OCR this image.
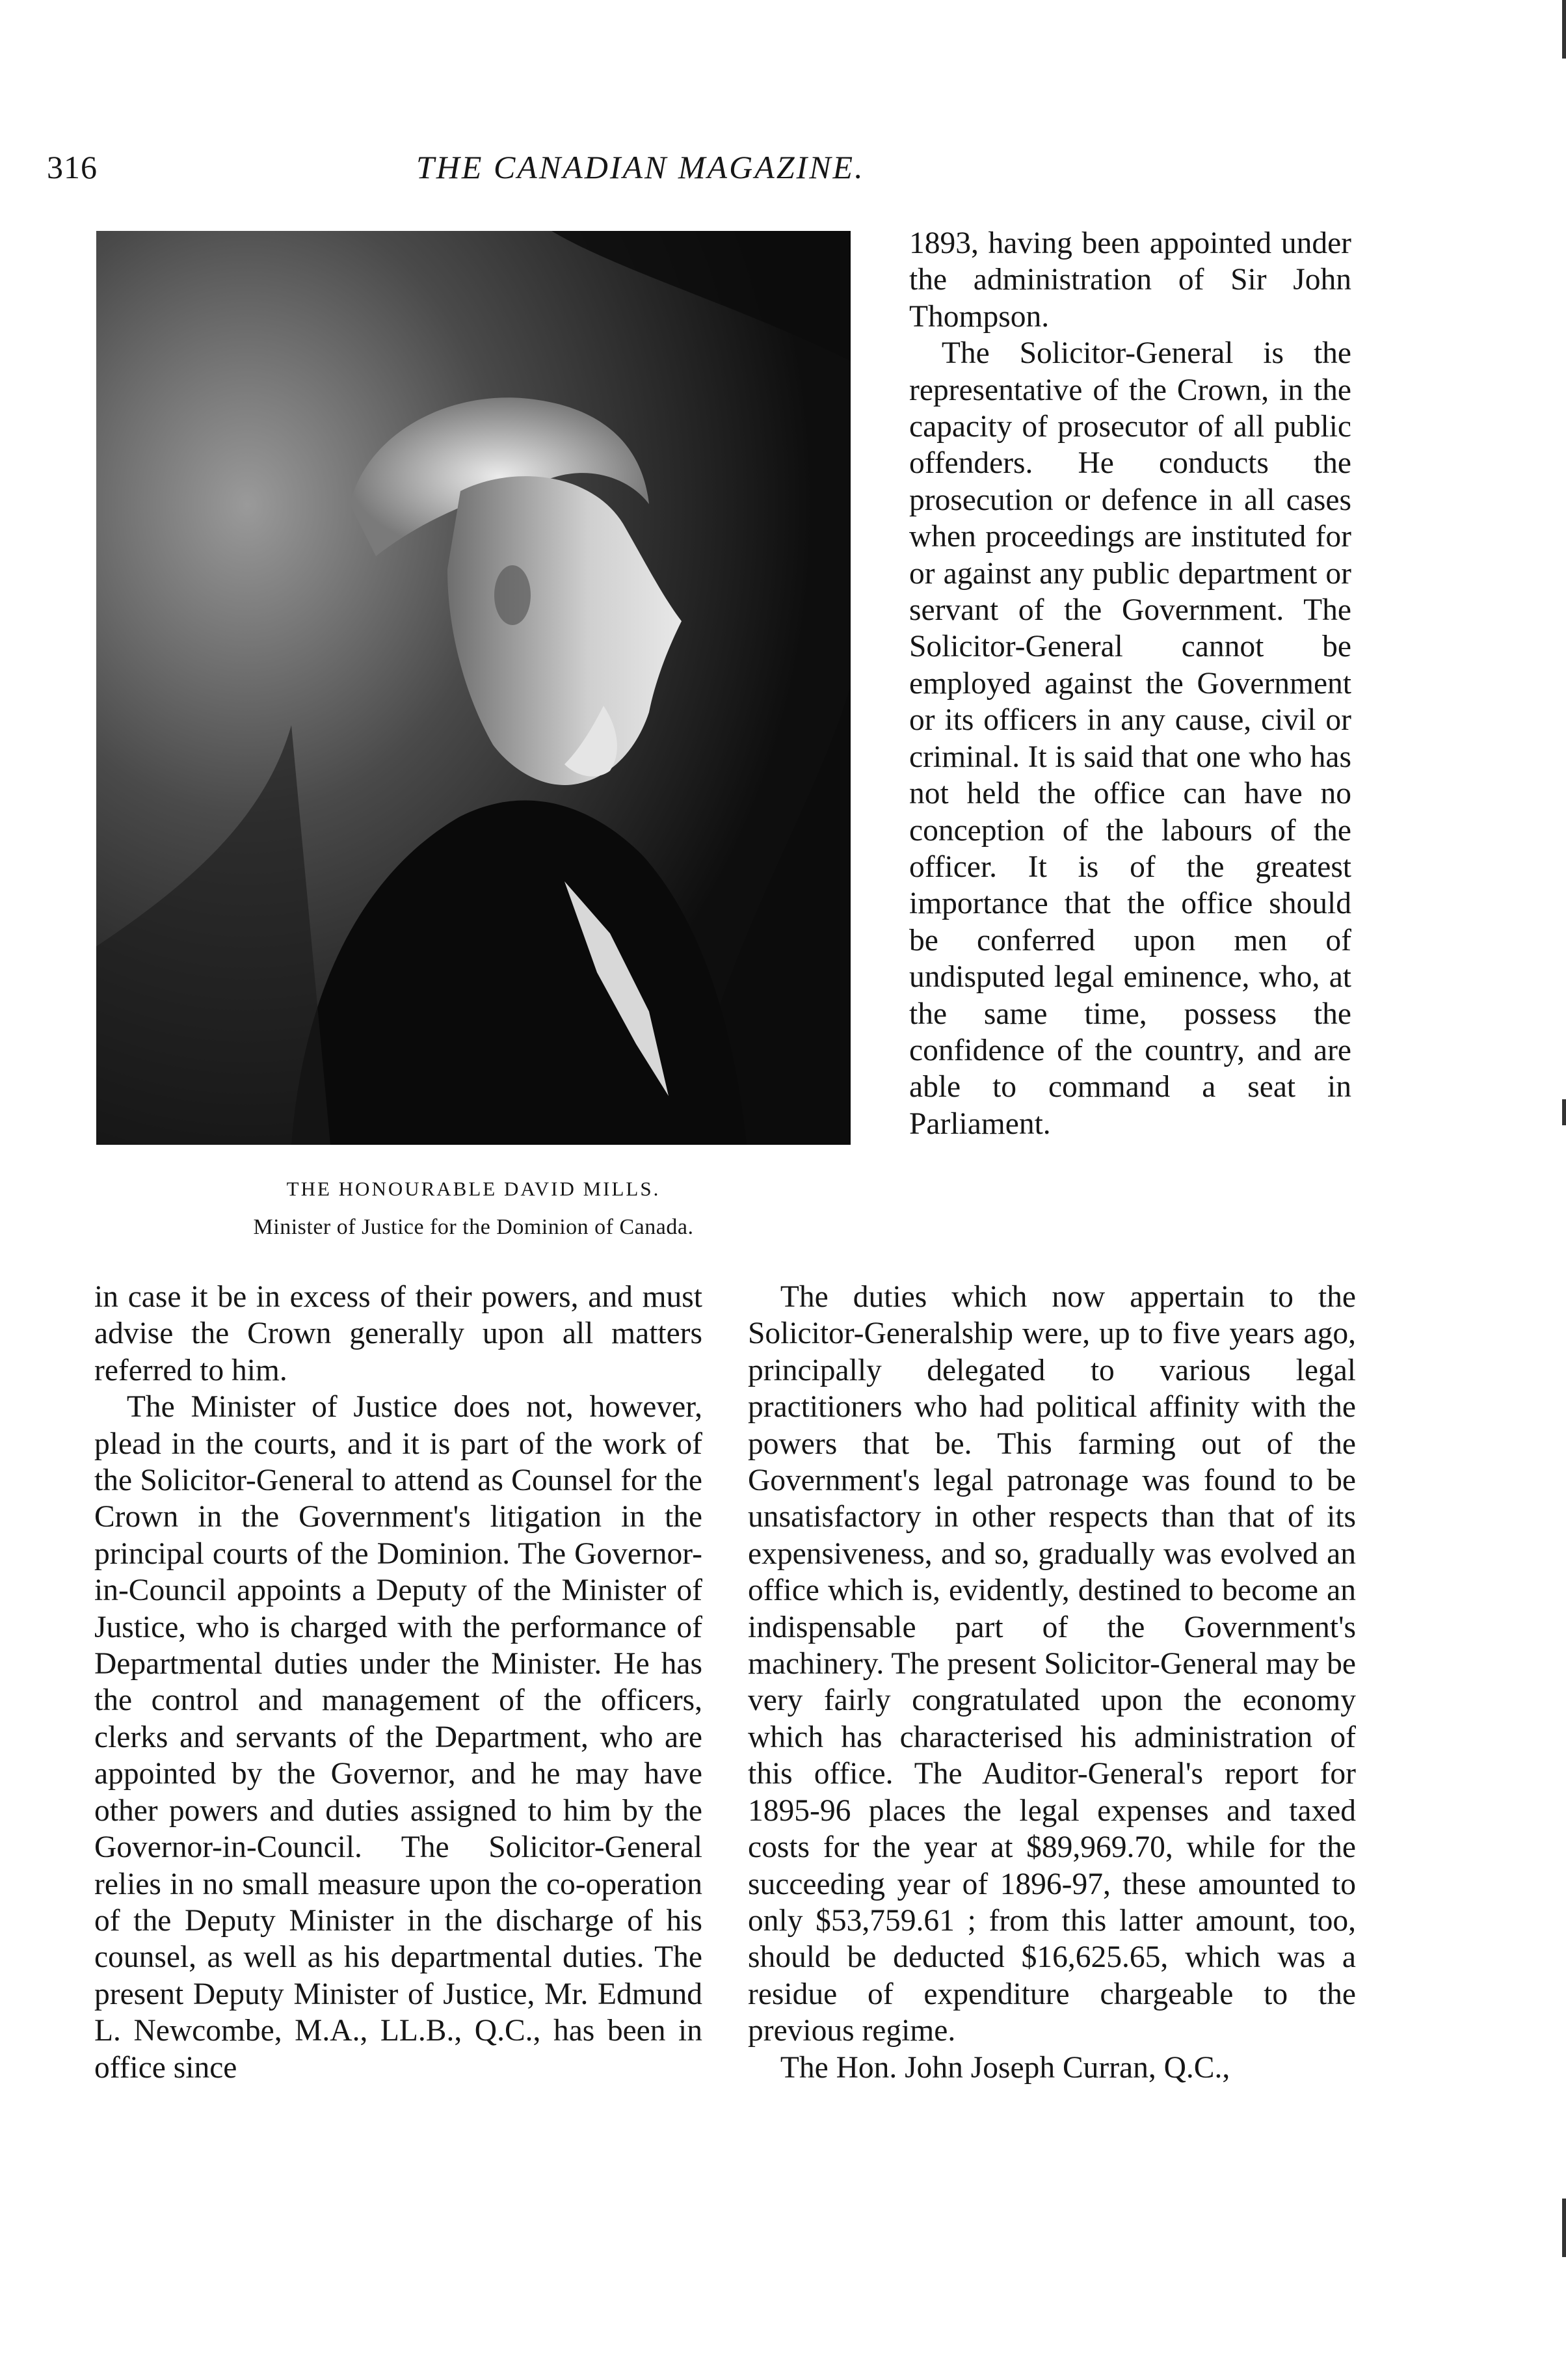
316	THE CANADIAN MAGAZINE.
THE HONOURABLE DAVID MILLS.
Minister of Justice for the Dominion of Canada.

1893, having been appointed under the administration of Sir John Thompson.

The Solicitor-General is the representative of the Crown, in the capacity of prosecutor of all public offenders. He conducts the prosecution or defence in all cases when proceedings are instituted for or against any public department or servant of the Government. The Solicitor-General cannot be employed against the Government or its officers in any cause, civil or criminal. It is said that one who has not held the office can have no conception of the labours of the officer. It is of the greatest importance that the office should be conferred upon men of undisputed legal eminence, who, at the same time, possess the confidence of the country, and are able to command a seat in Parliament.

in case it be in excess of their powers, and must advise the Crown generally upon all matters referred to him.

The Minister of Justice does not, however, plead in the courts, and it is part of the work of the Solicitor-General to attend as Counsel for the Crown in the Government's litigation in the principal courts of the Dominion. The Governor-in-Council appoints a Deputy of the Minister of Justice, who is charged with the performance of Departmental duties under the Minister. He has the control and management of the officers, clerks and servants of the Department, who are appointed by the Governor, and he may have other powers and duties assigned to him by the Governor-in-Council. The Solicitor-General relies in no small measure upon the co-operation of the Deputy Minister in the discharge of his counsel, as well as his departmental duties. The present Deputy Minister of Justice, Mr. Edmund L. Newcombe, M.A., LL.B., Q.C., has been in office since

The duties which now appertain to the Solicitor-Generalship were, up to five years ago, principally delegated to various legal practitioners who had political affinity with the powers that be. This farming out of the Government's legal patronage was found to be unsatisfactory in other respects than that of its expensiveness, and so, gradually was evolved an office which is, evidently, destined to become an indispensable part of the Government's machinery. The present Solicitor-General may be very fairly congratulated upon the economy which has characterised his administration of this office. The Auditor-General's report for 1895-96 places the legal expenses and taxed costs for the year at $89,969.70, while for the succeeding year of 1896-97, these amounted to only $53,759.61 ; from this latter amount, too, should be deducted $16,625.65, which was a residue of expenditure chargeable to the previous regime.

The Hon. John Joseph Curran, Q.C.,
